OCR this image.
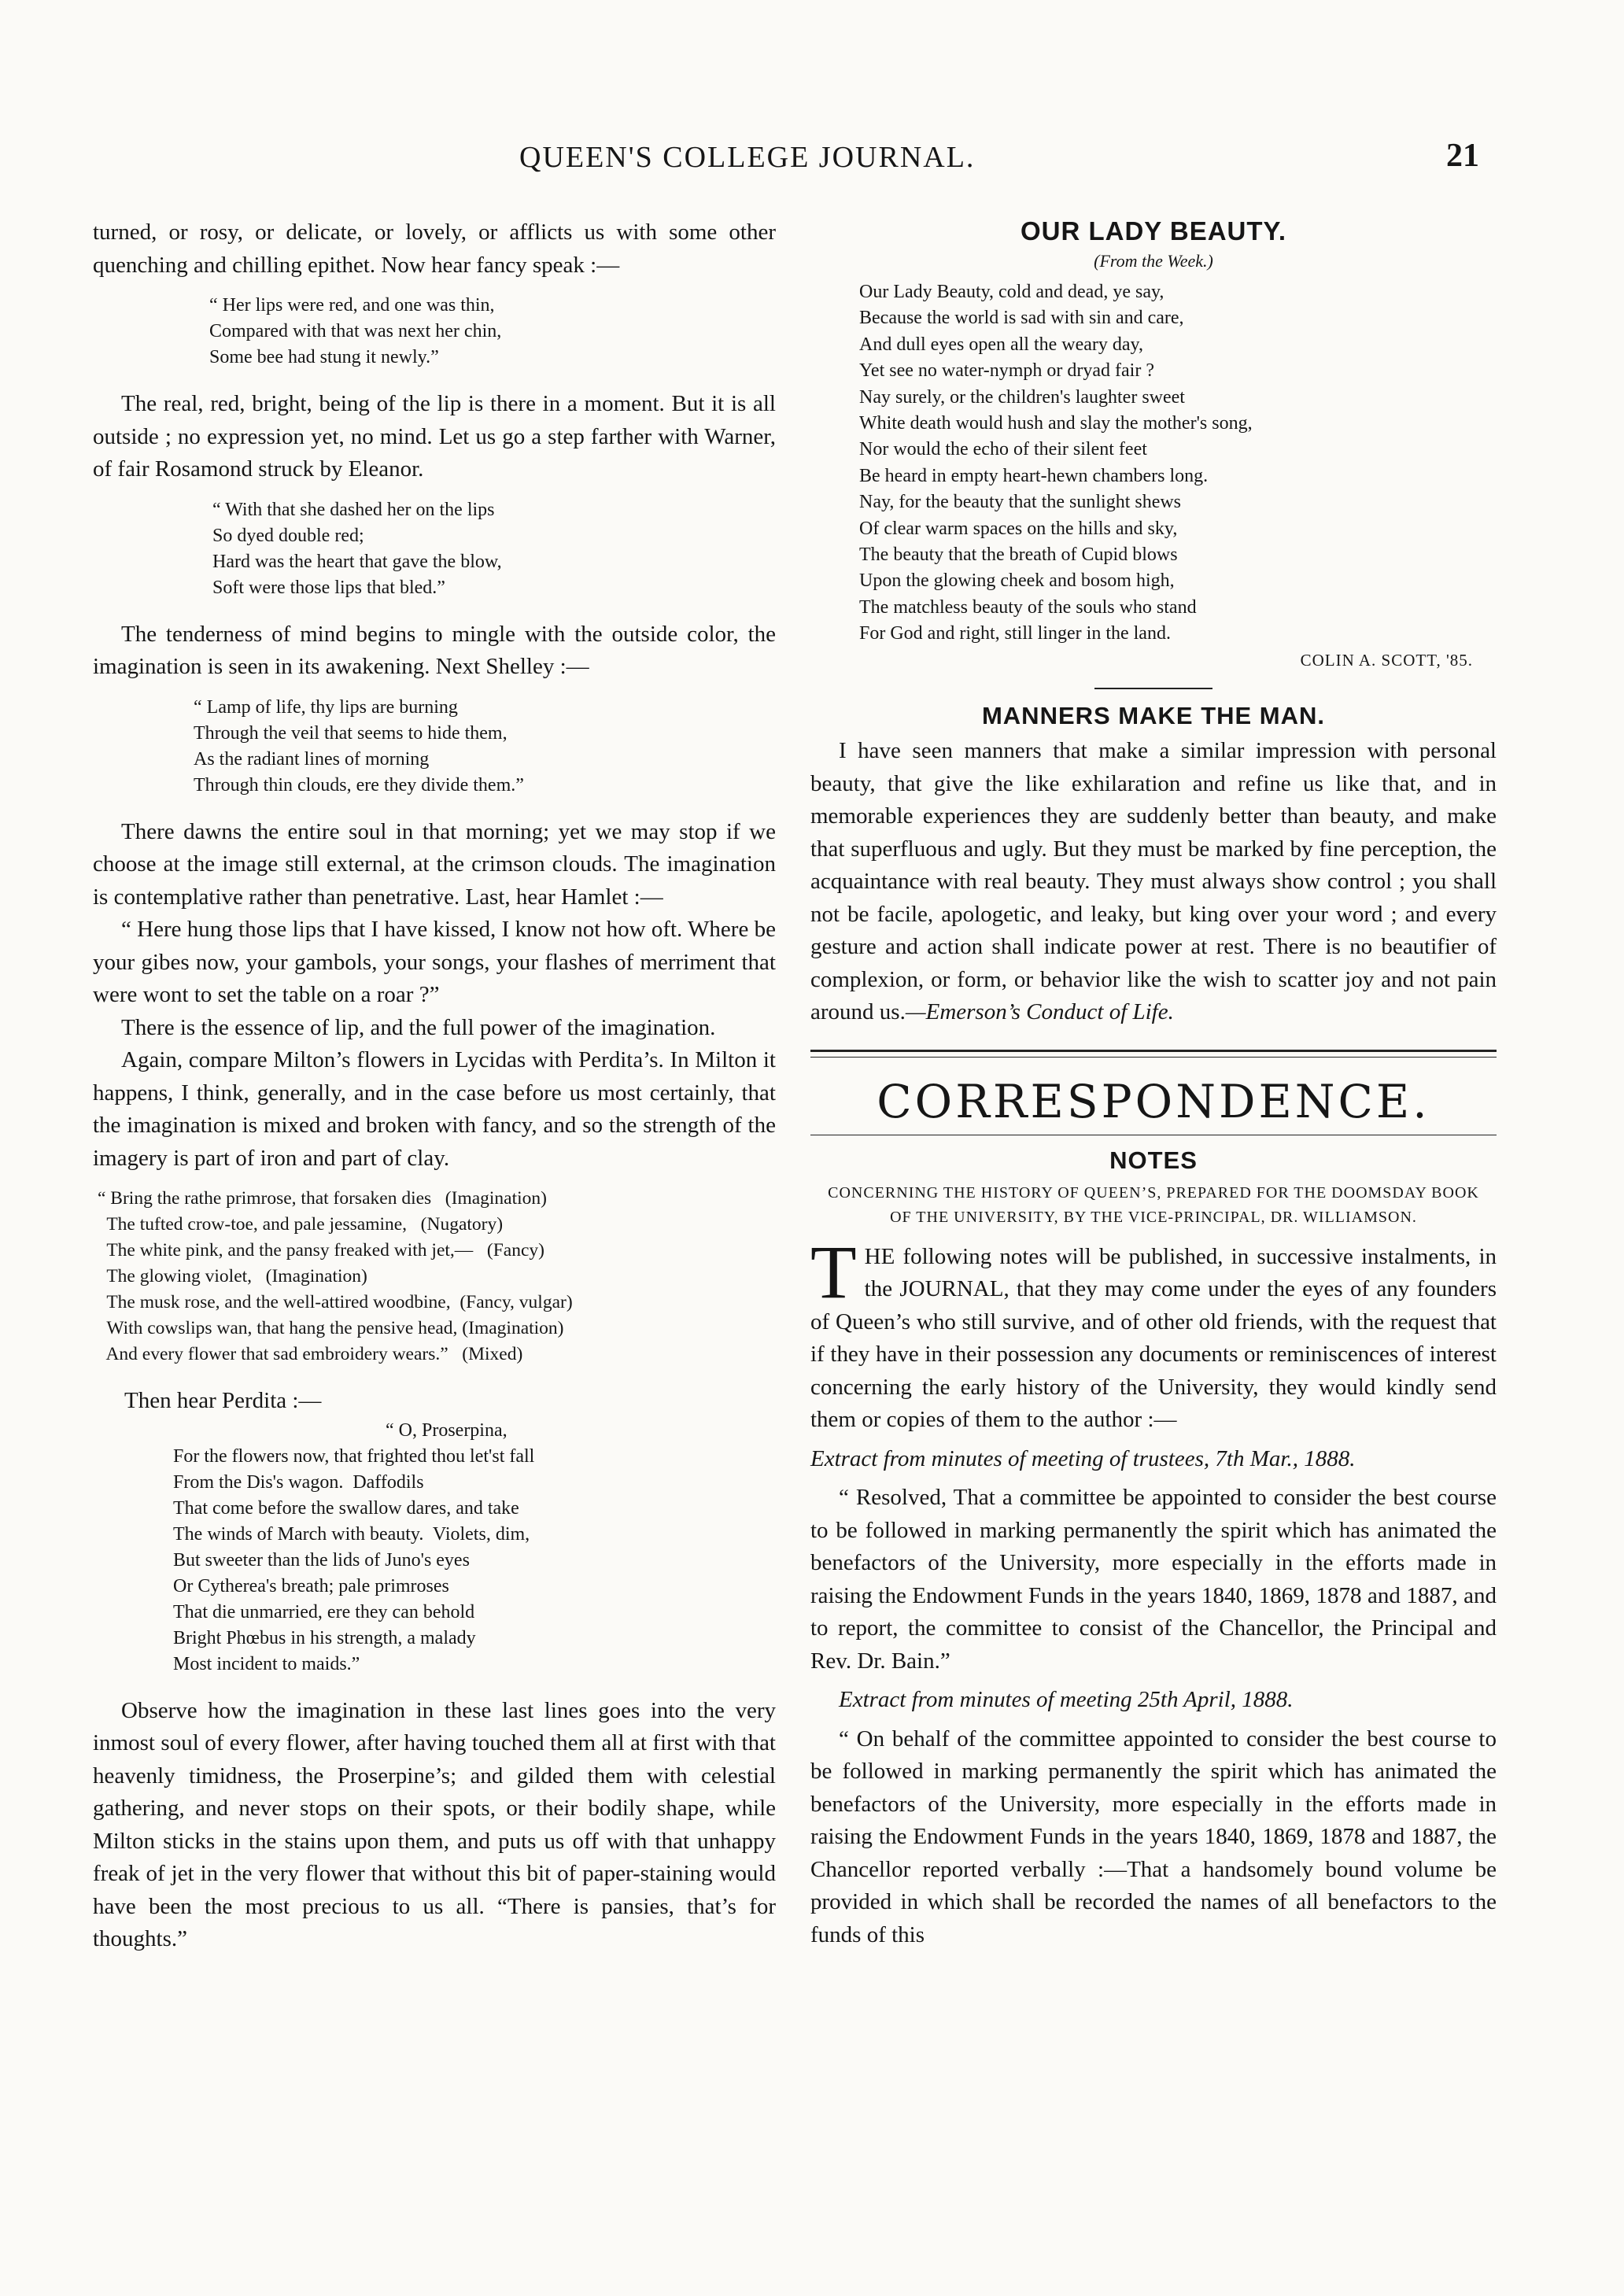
QUEEN'S COLLEGE JOURNAL.	21

turned, or rosy, or delicate, or lovely, or afflicts us with some other quenching and chilling epithet. Now hear fancy speak :—

“ Her lips were red, and one was thin,
Compared with that was next her chin,
Some bee had stung it newly.”

The real, red, bright, being of the lip is there in a moment. But it is all outside ; no expression yet, no mind. Let us go a step farther with Warner, of fair Rosamond struck by Eleanor.

“ With that she dashed her on the lips
So dyed double red;
Hard was the heart that gave the blow,
Soft were those lips that bled.”

The tenderness of mind begins to mingle with the outside color, the imagination is seen in its awakening. Next Shelley :—

“ Lamp of life, thy lips are burning
Through the veil that seems to hide them,
As the radiant lines of morning
Through thin clouds, ere they divide them.”

There dawns the entire soul in that morning; yet we may stop if we choose at the image still external, at the crimson clouds. The imagination is contemplative rather than penetrative. Last, hear Hamlet :—

“ Here hung those lips that I have kissed, I know not how oft. Where be your gibes now, your gambols, your songs, your flashes of merriment that were wont to set the table on a roar ?”

There is the essence of lip, and the full power of the imagination.

Again, compare Milton’s flowers in Lycidas with Perdita’s. In Milton it happens, I think, generally, and in the case before us most certainly, that the imagination is mixed and broken with fancy, and so the strength of the imagery is part of iron and part of clay.

“ Bring the rathe primrose, that forsaken dies   (Imagination)
The tufted crow-toe, and pale jessamine,   (Nugatory)
The white pink, and the pansy freaked with jet,—   (Fancy)
The glowing violet,   (Imagination)
The musk rose, and the well-attired woodbine,  (Fancy, vulgar)
With cowslips wan, that hang the pensive head, (Imagination)
And every flower that sad embroidery wears.”   (Mixed)

Then hear Perdita :—

“ O, Proserpina,
For the flowers now, that frighted thou let'st fall
From the Dis's wagon.  Daffodils
That come before the swallow dares, and take
The winds of March with beauty.  Violets, dim,
But sweeter than the lids of Juno's eyes
Or Cytherea's breath; pale primroses
That die unmarried, ere they can behold
Bright Phœbus in his strength, a malady
Most incident to maids.”

Observe how the imagination in these last lines goes into the very inmost soul of every flower, after having touched them all at first with that heavenly timidness, the Proserpine’s; and gilded them with celestial gathering, and never stops on their spots, or their bodily shape, while Milton sticks in the stains upon them, and puts us off with that unhappy freak of jet in the very flower that without this bit of paper-staining would have been the most precious to us all. “There is pansies, that’s for thoughts.”

OUR LADY BEAUTY.
(From the Week.)
Our Lady Beauty, cold and dead, ye say,
Because the world is sad with sin and care,
And dull eyes open all the weary day,
Yet see no water-nymph or dryad fair ?
Nay surely, or the children's laughter sweet
White death would hush and slay the mother's song,
Nor would the echo of their silent feet
Be heard in empty heart-hewn chambers long.
Nay, for the beauty that the sunlight shews
Of clear warm spaces on the hills and sky,
The beauty that the breath of Cupid blows
Upon the glowing cheek and bosom high,
The matchless beauty of the souls who stand
For God and right, still linger in the land.
COLIN A. SCOTT, '85.
MANNERS MAKE THE MAN.

I have seen manners that make a similar impression with personal beauty, that give the like exhilaration and refine us like that, and in memorable experiences they are suddenly better than beauty, and make that superfluous and ugly. But they must be marked by fine perception, the acquaintance with real beauty. They must always show control ; you shall not be facile, apologetic, and leaky, but king over your word ; and every gesture and action shall indicate power at rest. There is no beautifier of complexion, or form, or behavior like the wish to scatter joy and not pain around us.—Emerson’s Conduct of Life.

CORRESPONDENCE.
NOTES
CONCERNING THE HISTORY OF QUEEN’S, PREPARED FOR THE DOOMSDAY BOOK OF THE UNIVERSITY, BY THE VICE-PRINCIPAL, DR. WILLIAMSON.

THE following notes will be published, in successive instalments, in the JOURNAL, that they may come under the eyes of any founders of Queen’s who still survive, and of other old friends, with the request that if they have in their possession any documents or reminiscences of interest concerning the early history of the University, they would kindly send them or copies of them to the author :—

Extract from minutes of meeting of trustees, 7th Mar., 1888.

“ Resolved, That a committee be appointed to consider the best course to be followed in marking permanently the spirit which has animated the benefactors of the University, more especially in the efforts made in raising the Endowment Funds in the years 1840, 1869, 1878 and 1887, and to report, the committee to consist of the Chancellor, the Principal and Rev. Dr. Bain.”

Extract from minutes of meeting 25th April, 1888.

“ On behalf of the committee appointed to consider the best course to be followed in marking permanently the spirit which has animated the benefactors of the University, more especially in the efforts made in raising the Endowment Funds in the years 1840, 1869, 1878 and 1887, the Chancellor reported verbally :—That a handsomely bound volume be provided in which shall be recorded the names of all benefactors to the funds of this
